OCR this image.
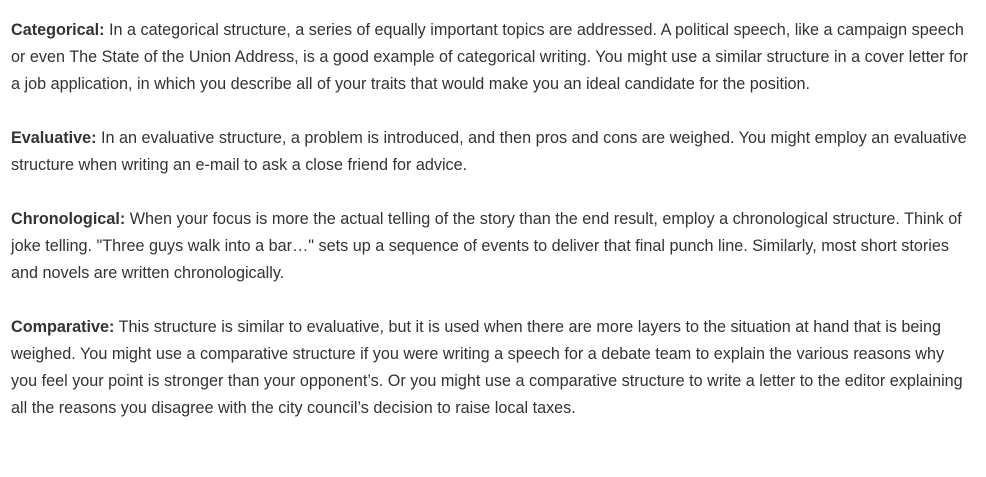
Categorical: In a categorical structure, a series of equally important topics are addressed. A political speech, like a campaign speech or even The State of the Union Address, is a good example of categorical writing. You might use a similar structure in a cover letter for a job application, in which you describe all of your traits that would make you an ideal candidate for the position.

Evaluative: In an evaluative structure, a problem is introduced, and then pros and cons are weighed. You might employ an evaluative structure when writing an e-mail to ask a close friend for advice.

Chronological: When your focus is more the actual telling of the story than the end result, employ a chronological structure. Think of joke telling. "Three guys walk into a bar…" sets up a sequence of events to deliver that final punch line. Similarly, most short stories and novels are written chronologically.

Comparative: This structure is similar to evaluative, but it is used when there are more layers to the situation at hand that is being weighed. You might use a comparative structure if you were writing a speech for a debate team to explain the various reasons why you feel your point is stronger than your opponent’s. Or you might use a comparative structure to write a letter to the editor explaining all the reasons you disagree with the city council’s decision to raise local taxes.
